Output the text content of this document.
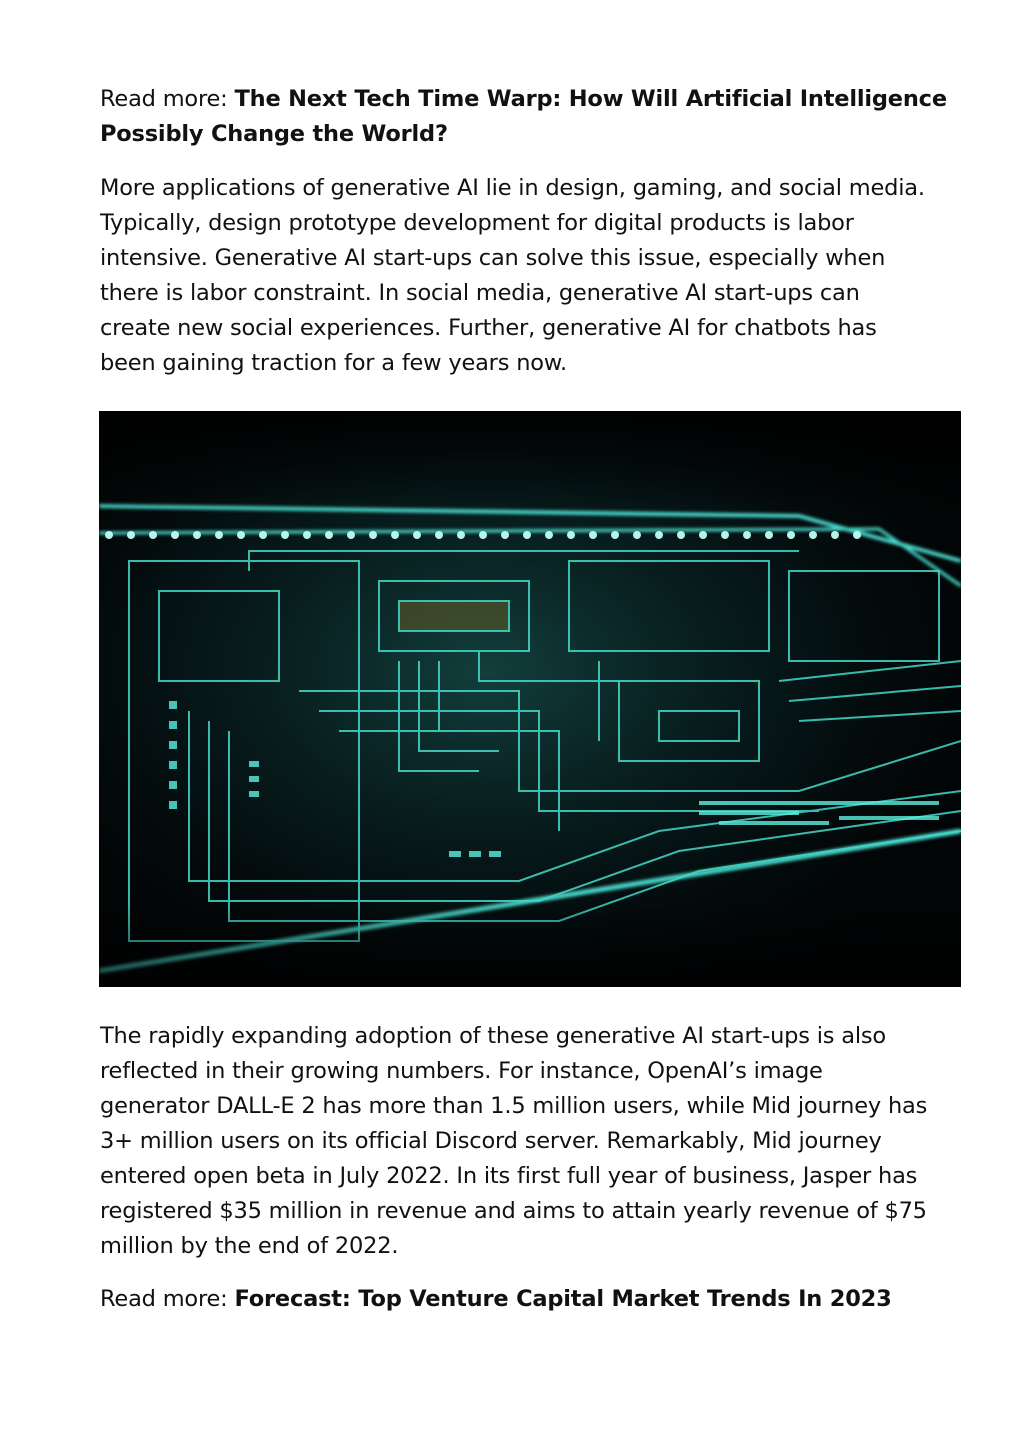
Read more: The Next Tech Time Warp: How Will Artificial Intelligence
Possibly Change the World?

More applications of generative AI lie in design, gaming, and social media.
Typically, design prototype development for digital products is labor
intensive. Generative AI start-ups can solve this issue, especially when
there is labor constraint. In social media, generative AI start-ups can
create new social experiences. Further, generative AI for chatbots has
been gaining traction for a few years now.

The rapidly expanding adoption of these generative AI start-ups is also
reflected in their growing numbers. For instance, OpenAI’s image
generator DALL-E 2 has more than 1.5 million users, while Mid journey has
3+ million users on its official Discord server. Remarkably, Mid journey
entered open beta in July 2022. In its first full year of business, Jasper has
registered $35 million in revenue and aims to attain yearly revenue of $75
million by the end of 2022.

Read more: Forecast: Top Venture Capital Market Trends In 2023
